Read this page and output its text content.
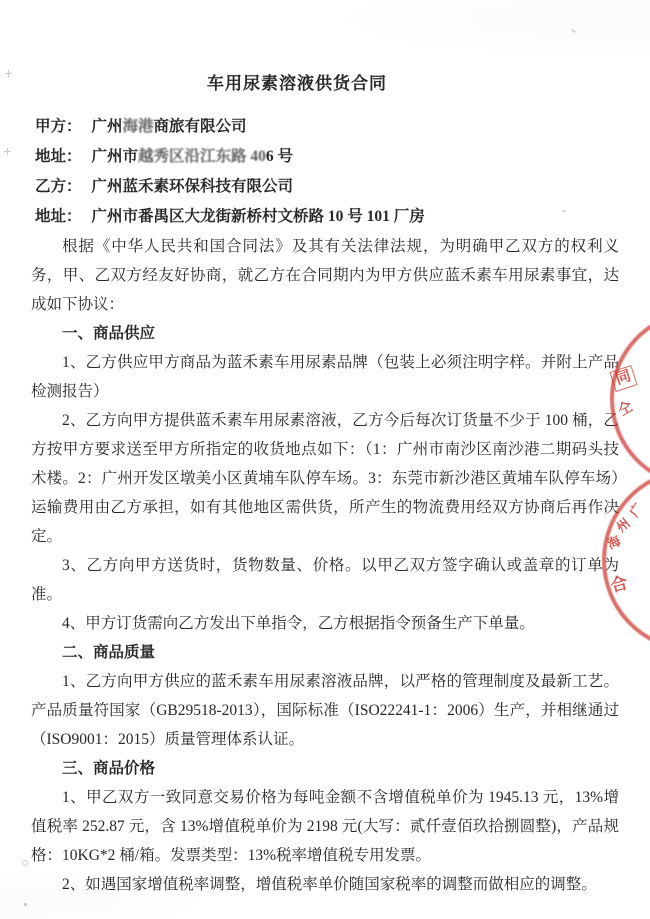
车用尿素溶液供货合同

甲方： 广州海港商旅有限公司

地址： 广州市越秀区沿江东路 406 号

乙方： 广州蓝禾素环保科技有限公司

地址： 广州市番禺区大龙街新桥村文桥路 10 号 101 厂房

根据《中华人民共和国合同法》及其有关法律法规，为明确甲乙双方的权利义务，甲、乙双方经友好协商，就乙方在合同期内为甲方供应蓝禾素车用尿素事宜，达成如下协议：

一、商品供应

1、乙方供应甲方商品为蓝禾素车用尿素品牌（包装上必须注明字样。并附上产品检测报告）

2、乙方向甲方提供蓝禾素车用尿素溶液，乙方今后每次订货量不少于 100 桶，乙方按甲方要求送至甲方所指定的收货地点如下：（1：广州市南沙区南沙港二期码头技术楼。2：广州开发区墩美小区黄埔车队停车场。3：东莞市新沙港区黄埔车队停车场）运输费用由乙方承担，如有其他地区需供货，所产生的物流费用经双方协商后再作决定。

3、乙方向甲方送货时，货物数量、价格。以甲乙双方签字确认或盖章的订单为准。

4、甲方订货需向乙方发出下单指令，乙方根据指令预备生产下单量。

二、商品质量

1、乙方向甲方供应的蓝禾素车用尿素溶液品牌，以严格的管理制度及最新工艺。产品质量符国家（GB29518-2013），国际标准（ISO22241-1：2006）生产，并相继通过（ISO9001：2015）质量管理体系认证。

三、商品价格

1、甲乙双方一致同意交易价格为每吨金额不含增值税单价为 1945.13 元，13%增值税率 252.87 元，含 13%增值税单价为 2198 元(大写：贰仟壹佰玖拾捌圆整)，产品规格：10KG*2 桶/箱。发票类型：13%税率增值税专用发票。

2、如遇国家增值税率调整，增值税率单价随国家税率的调整而做相应的调整。

同
仝
广
州
海
合
